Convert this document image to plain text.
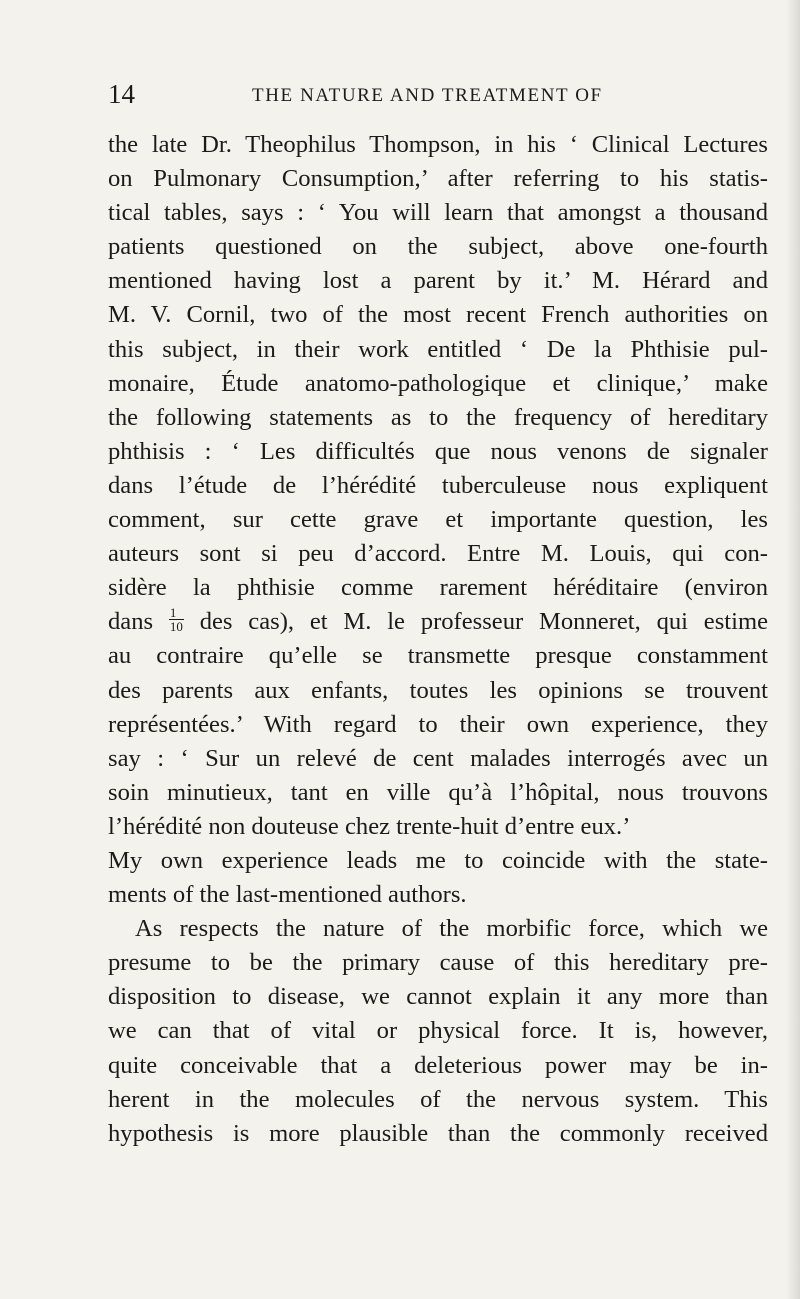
14	THE NATURE AND TREATMENT OF
the late Dr. Theophilus Thompson, in his ‘ Clinical Lectures
on Pulmonary Consumption,’ after referring to his statis-
tical tables, says : ‘ You will learn that amongst a thousand
patients questioned on the subject, above one-fourth
mentioned having lost a parent by it.’ M. Hérard and
M. V. Cornil, two of the most recent French authorities on
this subject, in their work entitled ‘ De la Phthisie pul-
monaire, Étude anatomo-pathologique et clinique,’ make
the following statements as to the frequency of hereditary
phthisis : ‘ Les difficultés que nous venons de signaler
dans l’étude de l’hérédité tuberculeuse nous expliquent
comment, sur cette grave et importante question, les
auteurs sont si peu d’accord. Entre M. Louis, qui con-
sidère la phthisie comme rarement héréditaire (environ
dans $\frac{1}{10}$ des cas), et M. le professeur Monneret, qui estime
au contraire qu’elle se transmette presque constamment
des parents aux enfants, toutes les opinions se trouvent
représentées.’ With regard to their own experience, they
say : ‘ Sur un relevé de cent malades interrogés avec un
soin minutieux, tant en ville qu’à l’hôpital, nous trouvons
l’hérédité non douteuse chez trente-huit d’entre eux.’
My own experience leads me to coincide with the state-
ments of the last-mentioned authors.
As respects the nature of the morbific force, which we
presume to be the primary cause of this hereditary pre-
disposition to disease, we cannot explain it any more than
we can that of vital or physical force. It is, however,
quite conceivable that a deleterious power may be in-
herent in the molecules of the nervous system. This
hypothesis is more plausible than the commonly received
